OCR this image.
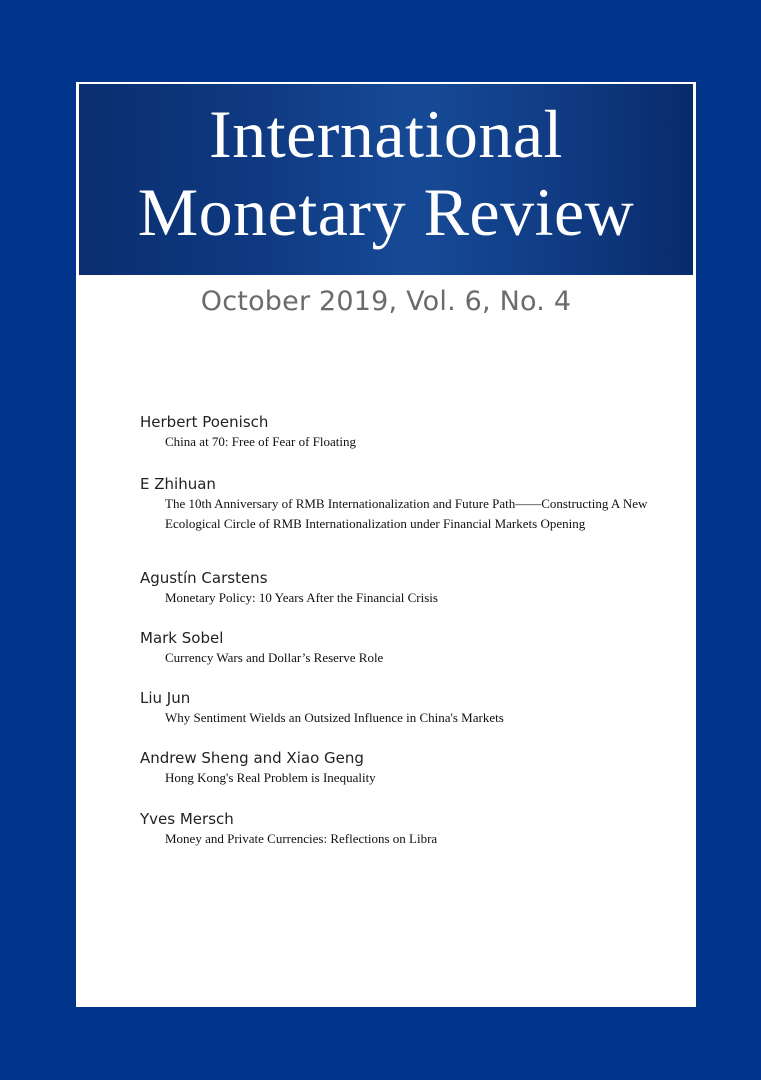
International
Monetary Review
October 2019, Vol. 6, No. 4
Herbert Poenisch
China at 70: Free of Fear of Floating
E Zhihuan
The 10th Anniversary of RMB Internationalization and Future Path——Constructing A New Ecological Circle of RMB Internationalization under Financial Markets Opening
Agustín Carstens
Monetary Policy: 10 Years After the Financial Crisis
Mark Sobel
Currency Wars and Dollar’s Reserve Role
Liu Jun
Why Sentiment Wields an Outsized Influence in China's Markets
Andrew Sheng and Xiao Geng
Hong Kong's Real Problem is Inequality
Yves Mersch
Money and Private Currencies: Reflections on Libra
